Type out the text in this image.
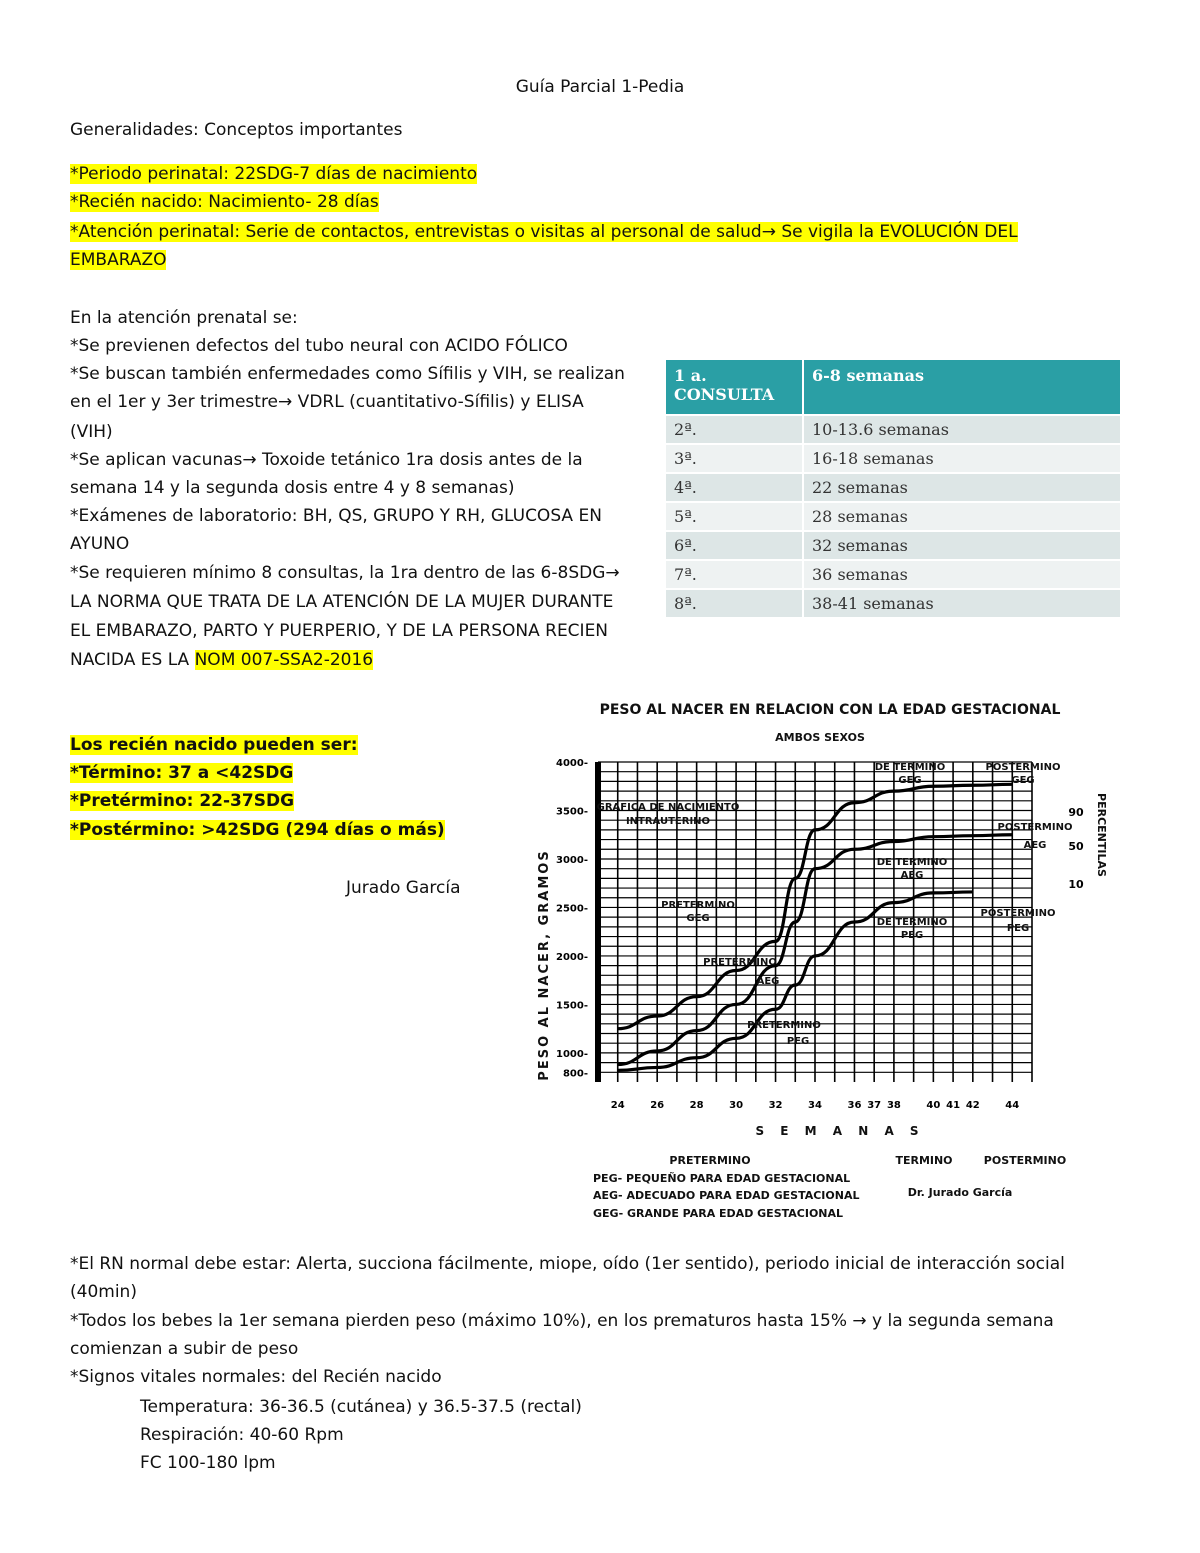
Guía Parcial 1-Pedia
Generalidades: Conceptos importantes
*Periodo perinatal: 22SDG-7 días de nacimiento
*Recién nacido: Nacimiento- 28 días
*Atención perinatal: Serie de contactos, entrevistas o visitas al personal de salud→ Se vigila la EVOLUCIÓN DEL
EMBARAZO
En la atención prenatal se:
*Se previenen defectos del tubo neural con ACIDO FÓLICO
*Se buscan también enfermedades como Sífilis y VIH, se realizan
en el 1er y 3er trimestre→ VDRL (cuantitativo-Sífilis) y ELISA
(VIH)
*Se aplican vacunas→ Toxoide tetánico 1ra dosis antes de la
semana 14 y la segunda dosis entre 4 y 8 semanas)
*Exámenes de laboratorio: BH, QS, GRUPO Y RH, GLUCOSA EN
AYUNO
*Se requieren mínimo 8 consultas, la 1ra dentro de las 6-8SDG→
LA NORMA QUE TRATA DE LA ATENCIÓN DE LA MUJER DURANTE
EL EMBARAZO, PARTO Y PUERPERIO, Y DE LA PERSONA RECIEN
NACIDA ES LA NOM 007-SSA2-2016
1 a.
CONSULTA	6-8 semanas
2ª.	10-13.6 semanas
3ª.	16-18 semanas
4ª.	22 semanas
5ª.	28 semanas
6ª.	32 semanas
7ª.	36 semanas
8ª.	38-41 semanas
Los recién nacido pueden ser:
*Término: 37 a <42SDG
*Pretérmino: 22-37SDG
*Postérmino: >42SDG (294 días o más)
Jurado García
PESO AL NACER EN RELACION CON LA EDAD GESTACIONAL
AMBOS SEXOS
PESO AL NACER, GRAMOS
PERCENTILAS
S E M A N A S
24	26	28	30	32	34	36 37 38	40 41 42	44
800-
1000-
1500-
2000-
2500-
3000-
3500-
4000-
90
50
10
GRAFICA DE NACIMIENTO
INTRAUTERINO
PRETERMINO
GEG
PRETERMINO
AEG
PRETERMINO
PEG
DE TERMINO
GEG
POSTERMINO
GEG
DE TERMINO
AEG
DE TERMINO
PEG
POSTERMINO
AEG
POSTERMINO
PEG
PRETERMINO	TERMINO	POSTERMINO
PEG- PEQUEÑO PARA EDAD GESTACIONAL
AEG- ADECUADO PARA EDAD GESTACIONAL
GEG- GRANDE PARA EDAD GESTACIONAL
Dr. Jurado García
*El RN normal debe estar: Alerta, succiona fácilmente, miope, oído (1er sentido), periodo inicial de interacción social
(40min)
*Todos los bebes la 1er semana pierden peso (máximo 10%), en los prematuros hasta 15% → y la segunda semana
comienzan a subir de peso
*Signos vitales normales: del Recién nacido
Temperatura: 36-36.5 (cutánea) y 36.5-37.5 (rectal)
Respiración: 40-60 Rpm
FC 100-180 lpm
